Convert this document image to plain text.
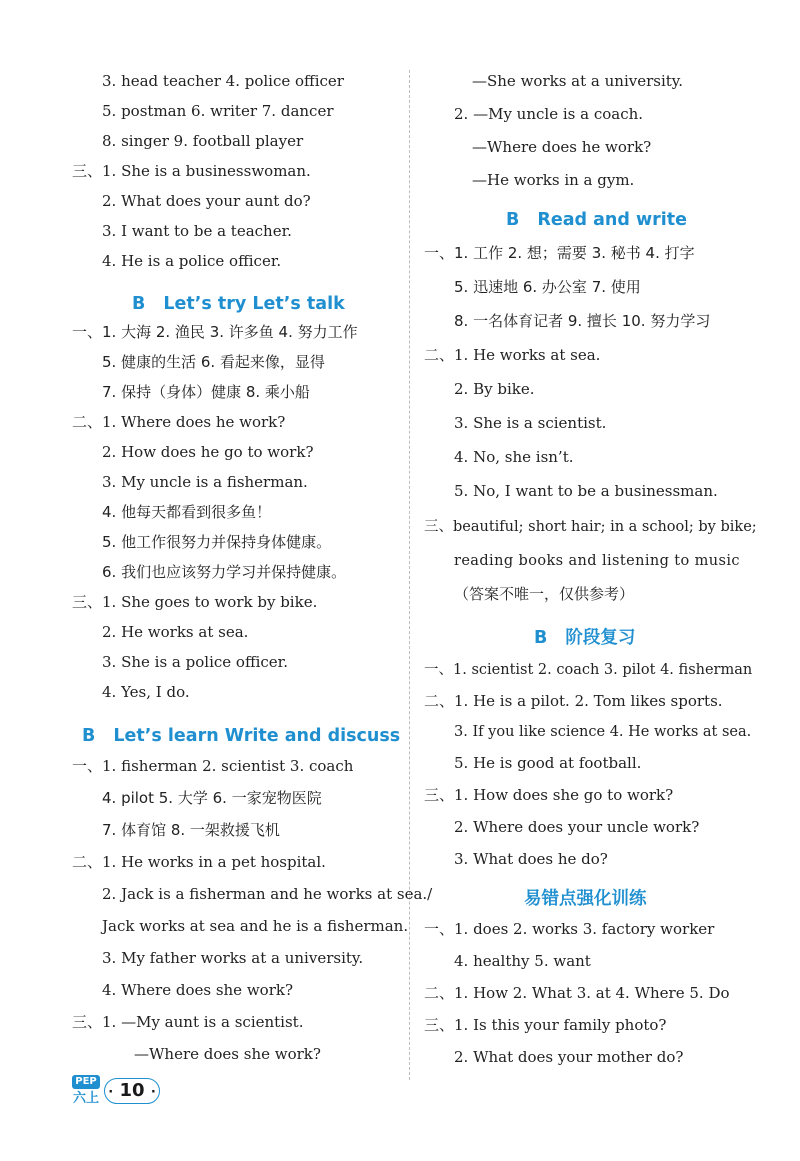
3. head teacher 4. police officer
5. postman 6. writer 7. dancer
8. singer 9. football player
三、1. She is a businesswoman.
2. What does your aunt do?
3. I want to be a teacher.
4. He is a police officer.
B Let’s try Let’s talk
一、1. 大海 2. 渔民 3. 许多鱼 4. 努力工作
5. 健康的生活 6. 看起来像，显得
7. 保持（身体）健康 8. 乘小船
二、1. Where does he work?
2. How does he go to work?
3. My uncle is a fisherman.
4. 他每天都看到很多鱼！
5. 他工作很努力并保持身体健康。
6. 我们也应该努力学习并保持健康。
三、1. She goes to work by bike.
2. He works at sea.
3. She is a police officer.
4. Yes, I do.
B Let’s learn Write and discuss
一、1. fisherman 2. scientist 3. coach
4. pilot 5. 大学 6. 一家宠物医院
7. 体育馆 8. 一架救援飞机
二、1. He works in a pet hospital.
2. Jack is a fisherman and he works at sea./
Jack works at sea and he is a fisherman.
3. My father works at a university.
4. Where does she work?
三、1. —My aunt is a scientist.
—Where does she work?
—She works at a university.
2. —My uncle is a coach.
—Where does he work?
—He works in a gym.
B Read and write
一、1. 工作 2. 想；需要 3. 秘书 4. 打字
5. 迅速地 6. 办公室 7. 使用
8. 一名体育记者 9. 擅长 10. 努力学习
二、1. He works at sea.
2. By bike.
3. She is a scientist.
4. No, she isn’t.
5. No, I want to be a businessman.
三、beautiful; short hair; in a school; by bike;
reading books and listening to music
（答案不唯一，仅供参考）
B 阶段复习
一、1. scientist 2. coach 3. pilot 4. fisherman
二、1. He is a pilot. 2. Tom likes sports.
3. If you like science 4. He works at sea.
5. He is good at football.
三、1. How does she go to work?
2. Where does your uncle work?
3. What does he do?
易错点强化训练
一、1. does 2. works 3. factory worker
4. healthy 5. want
二、1. How 2. What 3. at 4. Where 5. Do
三、1. Is this your family photo?
2. What does your mother do?
PEP
六上 · 10 ·
